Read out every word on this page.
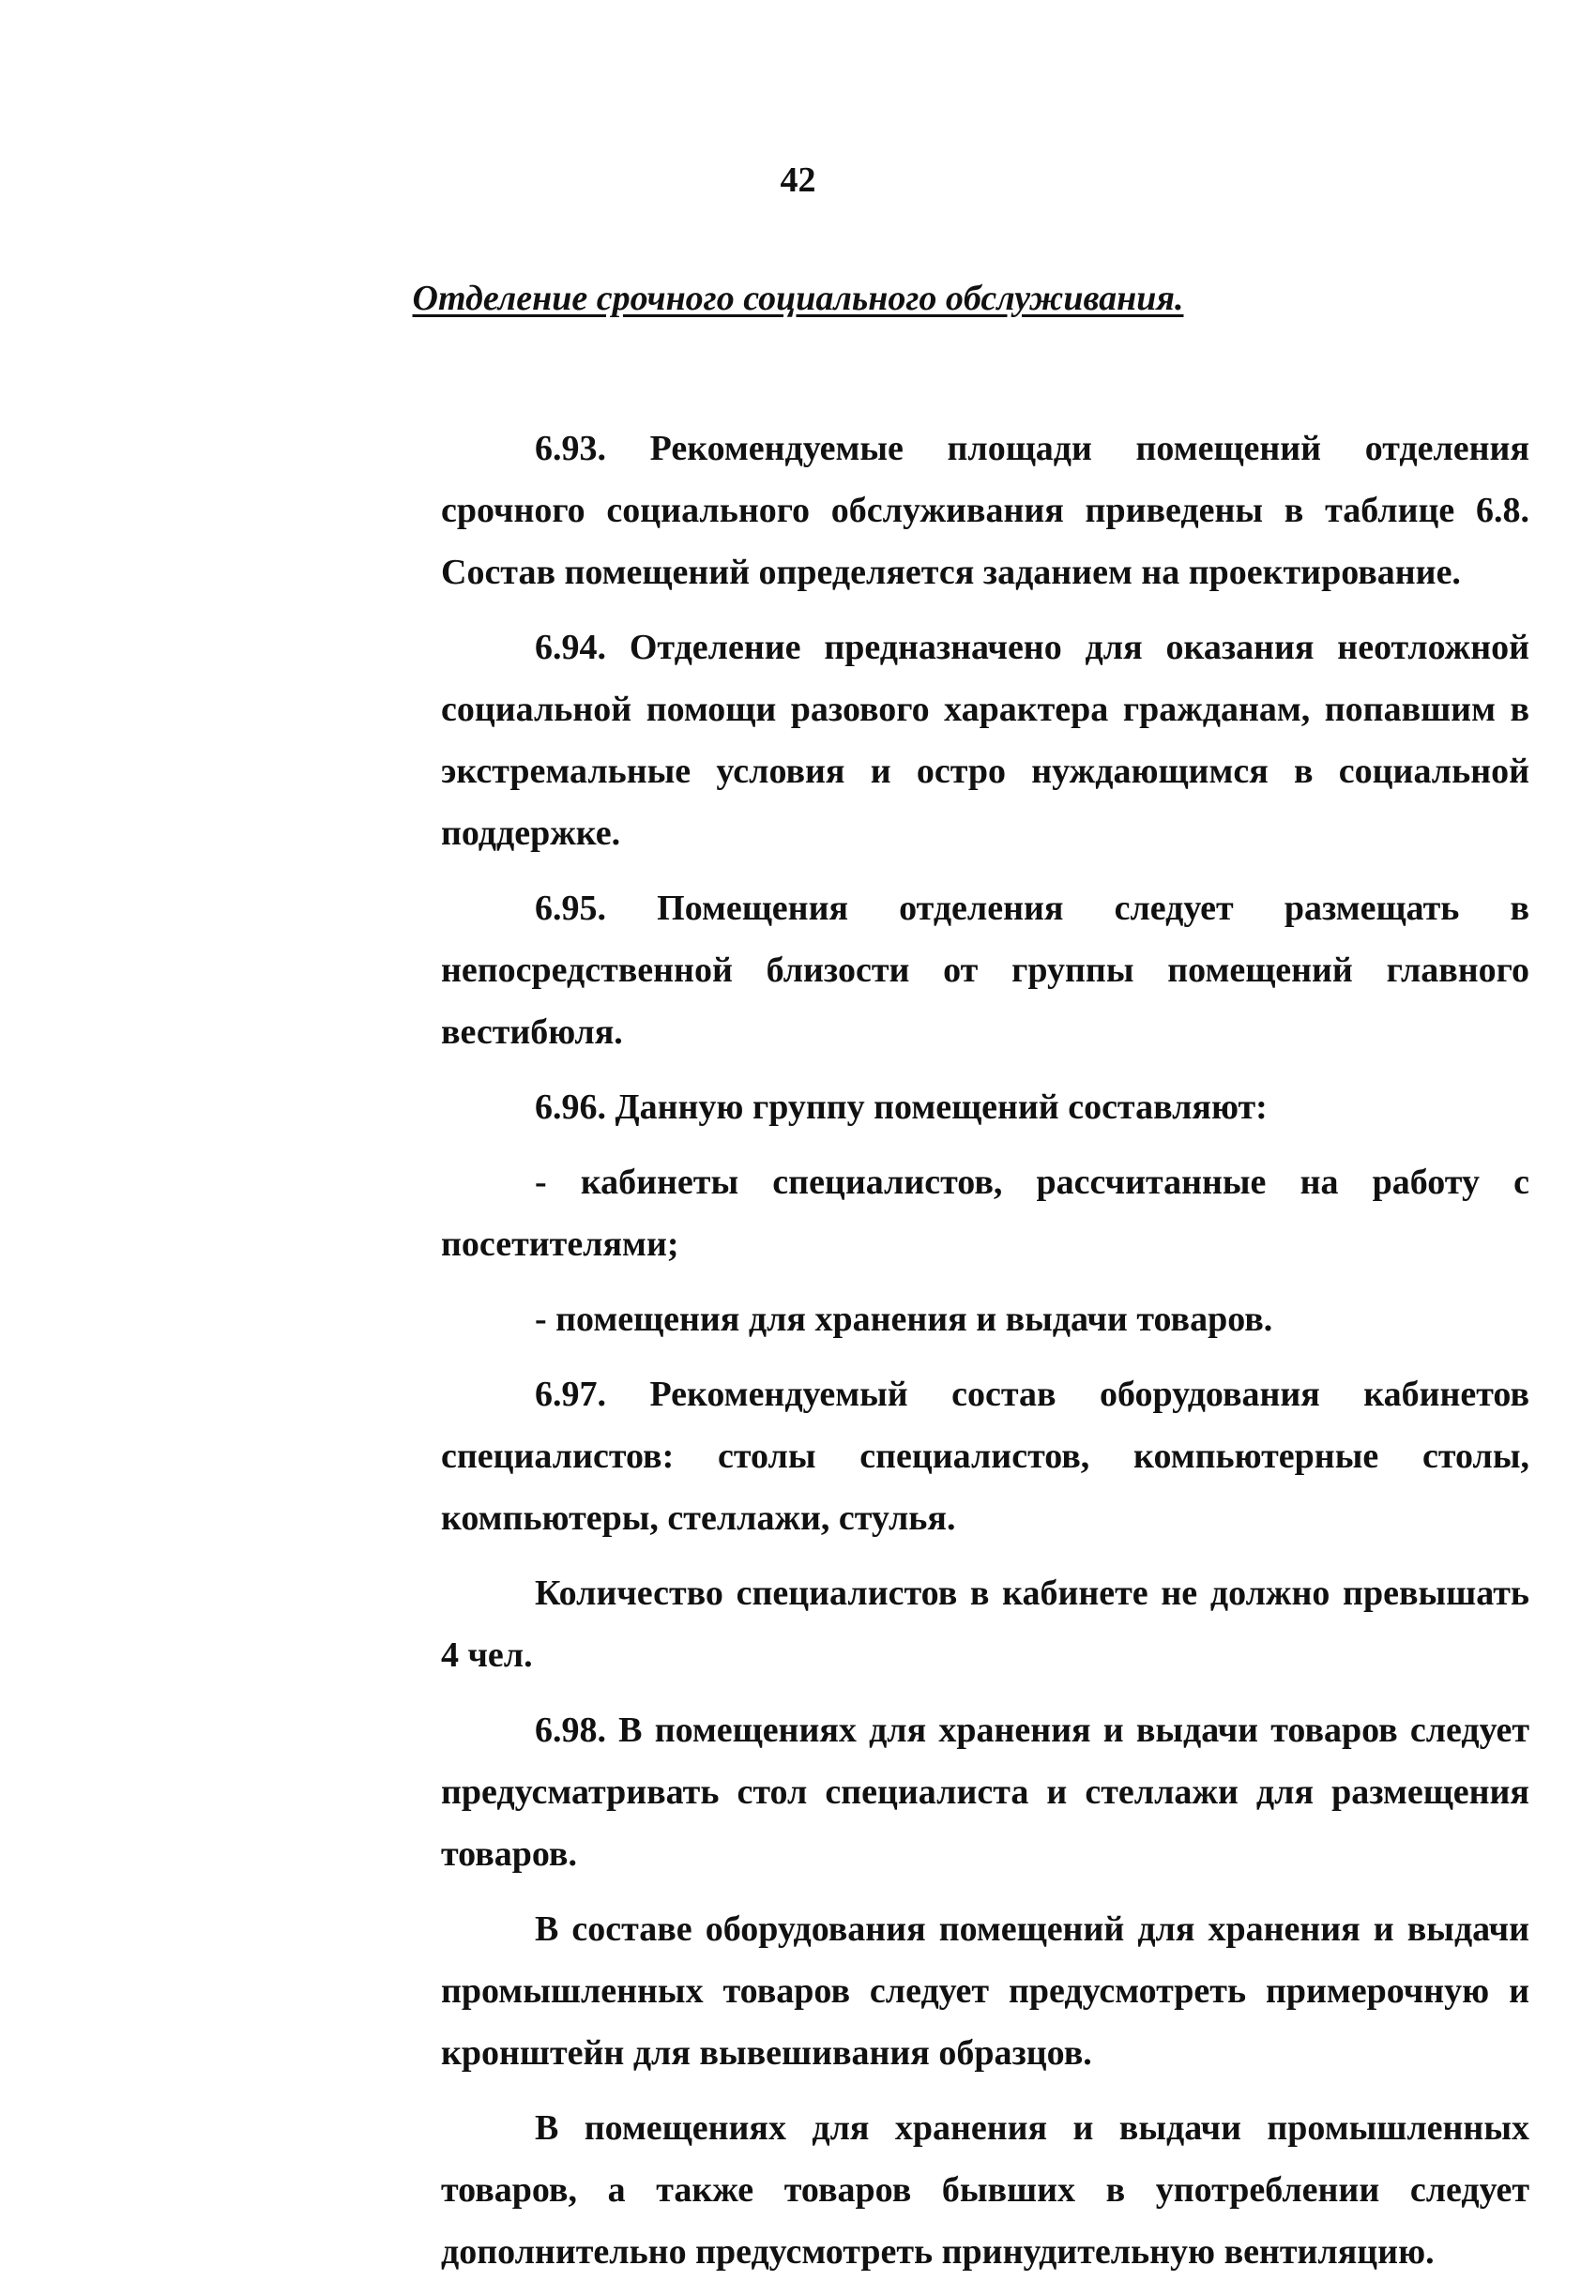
42
Отделение срочного социального обслуживания.

6.93. Рекомендуемые площади помещений отделения срочного социального обслуживания приведены в таблице 6.8. Состав помещений определяется заданием на проектирование.

6.94. Отделение предназначено для оказания неотложной социальной помощи разового характера гражданам, попавшим в экстремальные условия и остро нуждающимся в социальной поддержке.

6.95. Помещения отделения следует размещать в непосредственной близости от группы помещений главного вестибюля.

6.96. Данную группу помещений составляют:

- кабинеты специалистов, рассчитанные на работу с посетителями;

- помещения для хранения и выдачи товаров.

6.97. Рекомендуемый состав оборудования кабинетов специалистов: столы специалистов, компьютерные столы, компьютеры, стеллажи, стулья.

Количество специалистов в кабинете не должно превышать 4 чел.

6.98. В помещениях для хранения и выдачи товаров следует предусматривать стол специалиста и стеллажи для размещения товаров.

В составе оборудования помещений для хранения и выдачи промышленных товаров следует предусмотреть примерочную и кронштейн для вывешивания образцов.

В помещениях для хранения и выдачи промышленных товаров, а также товаров бывших в употреблении следует дополнительно предусмотреть принудительную вентиляцию.
